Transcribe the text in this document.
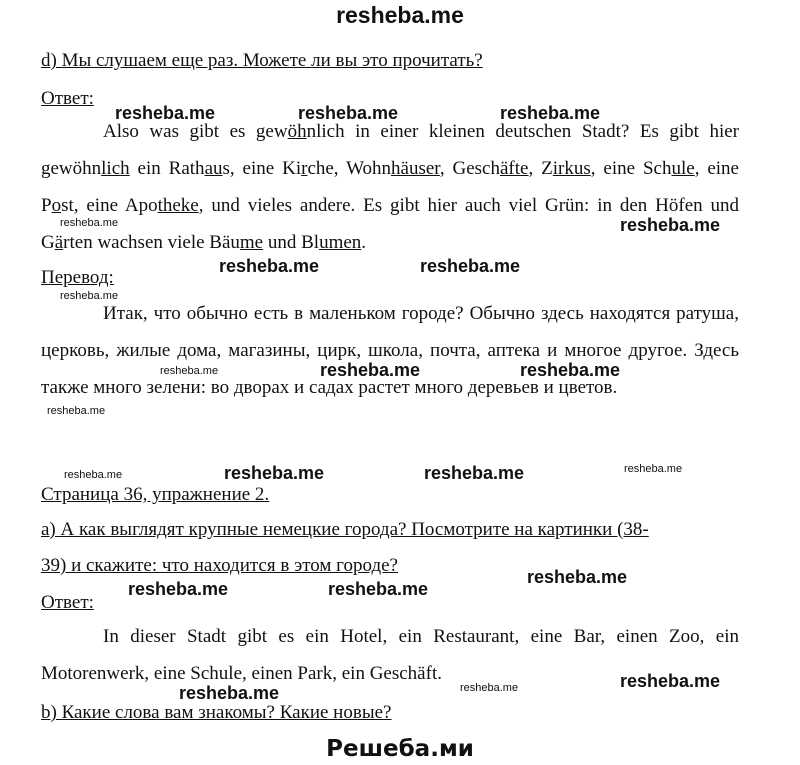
resheba.me
d) Мы слушаем еще раз. Можете ли вы это прочитать?
Ответ:
Also was gibt es gewöhnlich in einer kleinen deutschen Stadt? Es gibt hier gewöhnlich ein Rathaus, eine Kirche, Wohnhäuser, Geschäfte, Zirkus, eine Schule, eine Post, eine Apotheke, und vieles andere. Es gibt hier auch viel Grün: in den Höfen und Gärten wachsen viele Bäume und Blumen.
Перевод:
Итак, что обычно есть в маленьком городе? Обычно здесь находятся ратуша, церковь, жилые дома, магазины, цирк, школа, почта, аптека и многое другое. Здесь также много зелени: во дворах и садах растет много деревьев и цветов.
Страница 36, упражнение 2.
а) А как выглядят крупные немецкие города? Посмотрите на картинки (38-
39) и скажите: что находится в этом городе?
Ответ:
In dieser Stadt gibt es ein Hotel, ein Restaurant, eine Bar, einen Zoo, ein Motorenwerk, eine Schule, einen Park, ein Geschäft.
b) Какие слова вам знакомы? Какие новые?
Решеба.ми
resheba.me	resheba.me	resheba.me
resheba.me
resheba.me	resheba.me
resheba.me	resheba.me
resheba.me	resheba.me
resheba.me
resheba.me	resheba.me
resheba.me
resheba.me
resheba.me
resheba.me
resheba.me
resheba.me
resheba.me	resheba.me
resheba.me
